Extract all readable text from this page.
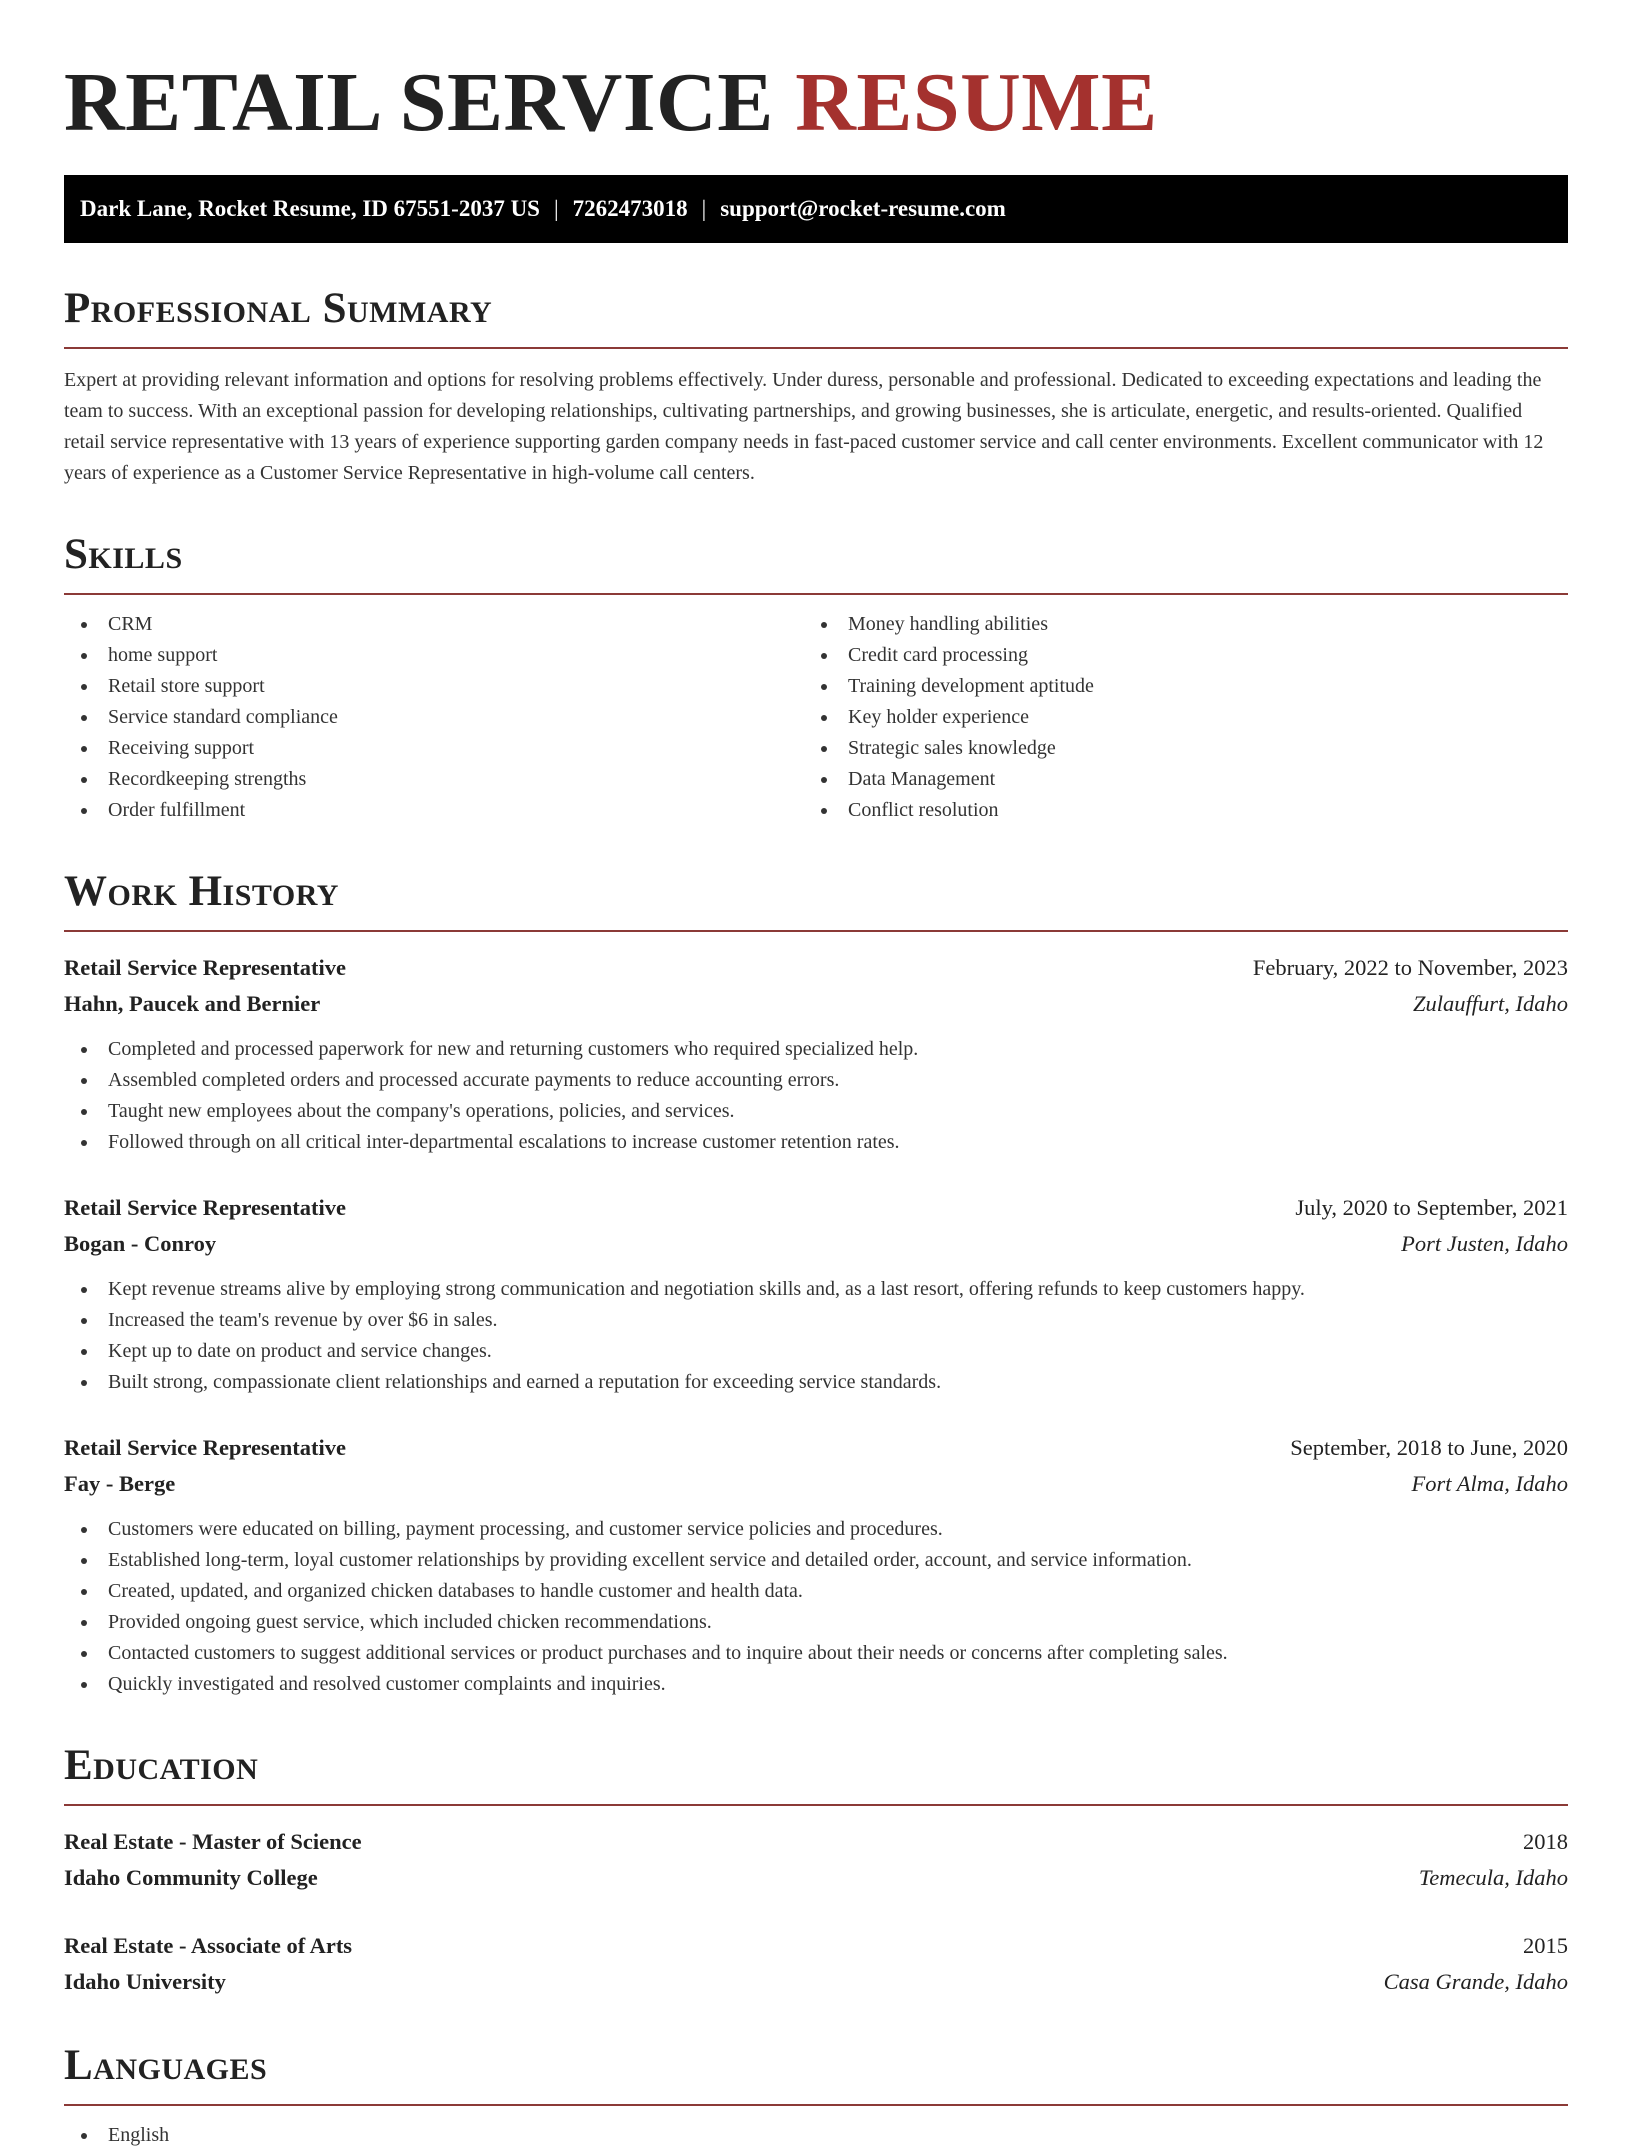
RETAIL SERVICE RESUME
Dark Lane, Rocket Resume, ID 67551-2037 US | 7262473018 | support@rocket-resume.com
Professional Summary

Expert at providing relevant information and options for resolving problems effectively. Under duress, personable and professional. Dedicated to exceeding expectations and leading the team to success. With an exceptional passion for developing relationships, cultivating partnerships, and growing businesses, she is articulate, energetic, and results-oriented. Qualified retail service representative with 13 years of experience supporting garden company needs in fast-paced customer service and call center environments. Excellent communicator with 12 years of experience as a Customer Service Representative in high-volume call centers.

Skills
CRM
home support
Retail store support
Service standard compliance
Receiving support
Recordkeeping strengths
Order fulfillment
Money handling abilities
Credit card processing
Training development aptitude
Key holder experience
Strategic sales knowledge
Data Management
Conflict resolution
Work History
Retail Service Representative	February, 2022 to November, 2023
Hahn, Paucek and Bernier	Zulauffurt, Idaho
Completed and processed paperwork for new and returning customers who required specialized help.
Assembled completed orders and processed accurate payments to reduce accounting errors.
Taught new employees about the company's operations, policies, and services.
Followed through on all critical inter-departmental escalations to increase customer retention rates.
Retail Service Representative	July, 2020 to September, 2021
Bogan - Conroy	Port Justen, Idaho
Kept revenue streams alive by employing strong communication and negotiation skills and, as a last resort, offering refunds to keep customers happy.
Increased the team's revenue by over $6 in sales.
Kept up to date on product and service changes.
Built strong, compassionate client relationships and earned a reputation for exceeding service standards.
Retail Service Representative	September, 2018 to June, 2020
Fay - Berge	Fort Alma, Idaho
Customers were educated on billing, payment processing, and customer service policies and procedures.
Established long-term, loyal customer relationships by providing excellent service and detailed order, account, and service information.
Created, updated, and organized chicken databases to handle customer and health data.
Provided ongoing guest service, which included chicken recommendations.
Contacted customers to suggest additional services or product purchases and to inquire about their needs or concerns after completing sales.
Quickly investigated and resolved customer complaints and inquiries.
Education
Real Estate - Master of Science	2018
Idaho Community College	Temecula, Idaho
Real Estate - Associate of Arts	2015
Idaho University	Casa Grande, Idaho
Languages
English
